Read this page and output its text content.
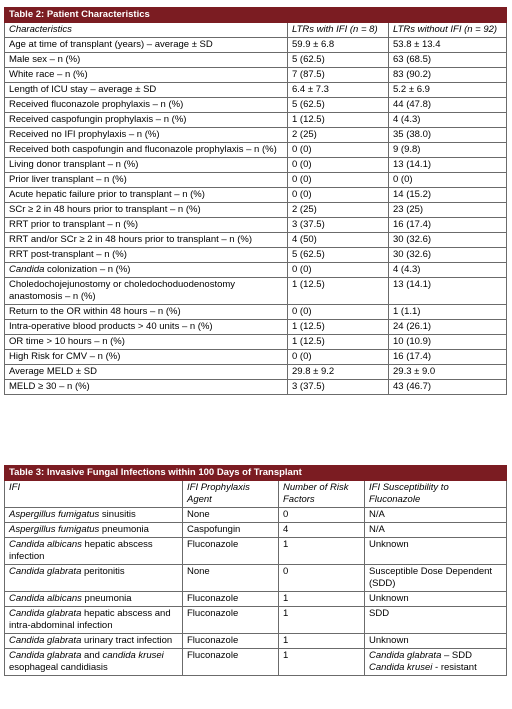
Table 2: Patient Characteristics		
Characteristics	LTRs with IFI (n = 8)	LTRs without IFI (n = 92)
Age at time of transplant (years) – average ± SD	59.9 ± 6.8	53.8 ± 13.4
Male sex – n (%)	5 (62.5)	63 (68.5)
White race – n (%)	7 (87.5)	83 (90.2)
Length of ICU stay – average ± SD	6.4 ± 7.3	5.2 ± 6.9
Received fluconazole prophylaxis – n (%)	5 (62.5)	44 (47.8)
Received caspofungin prophylaxis – n (%)	1 (12.5)	4 (4.3)
Received no IFI prophylaxis – n (%)	2 (25)	35 (38.0)
Received both caspofungin and fluconazole prophylaxis – n (%)	0 (0)	9 (9.8)
Living donor transplant – n (%)	0 (0)	13 (14.1)
Prior liver transplant – n (%)	0 (0)	0 (0)
Acute hepatic failure prior to transplant – n (%)	0 (0)	14 (15.2)
SCr ≥ 2 in 48 hours prior to transplant – n (%)	2 (25)	23 (25)
RRT prior to transplant – n (%)	3 (37.5)	16 (17.4)
RRT and/or SCr ≥ 2 in 48 hours prior to transplant – n (%)	4 (50)	30 (32.6)
RRT post-transplant – n (%)	5 (62.5)	30 (32.6)
Candida colonization – n (%)	0 (0)	4 (4.3)
Choledochojejunostomy or choledochoduodenostomy anastomosis – n (%)	1 (12.5)	13 (14.1)
Return to the OR within 48 hours – n (%)	0 (0)	1 (1.1)
Intra-operative blood products > 40 units – n (%)	1 (12.5)	24 (26.1)
OR time > 10 hours – n (%)	1 (12.5)	10 (10.9)
High Risk for CMV – n (%)	0 (0)	16 (17.4)
Average MELD ± SD	29.8 ± 9.2	29.3 ± 9.0
MELD ≥ 30 – n (%)	3 (37.5)	43 (46.7)
Table 3: Invasive Fungal Infections within 100 Days of Transplant			
IFI	IFI Prophylaxis Agent	Number of Risk Factors	IFI Susceptibility to Fluconazole
Aspergillus fumigatus sinusitis	None	0	N/A
Aspergillus fumigatus pneumonia	Caspofungin	4	N/A
Candida albicans hepatic abscess infection	Fluconazole	1	Unknown
Candida glabrata peritonitis	None	0	Susceptible Dose Dependent (SDD)
Candida albicans pneumonia	Fluconazole	1	Unknown
Candida glabrata hepatic abscess and intra-abdominal infection	Fluconazole	1	SDD
Candida glabrata urinary tract infection	Fluconazole	1	Unknown
Candida glabrata and candida krusei esophageal candidiasis	Fluconazole	1	Candida glabrata – SDD
Candida krusei - resistant
